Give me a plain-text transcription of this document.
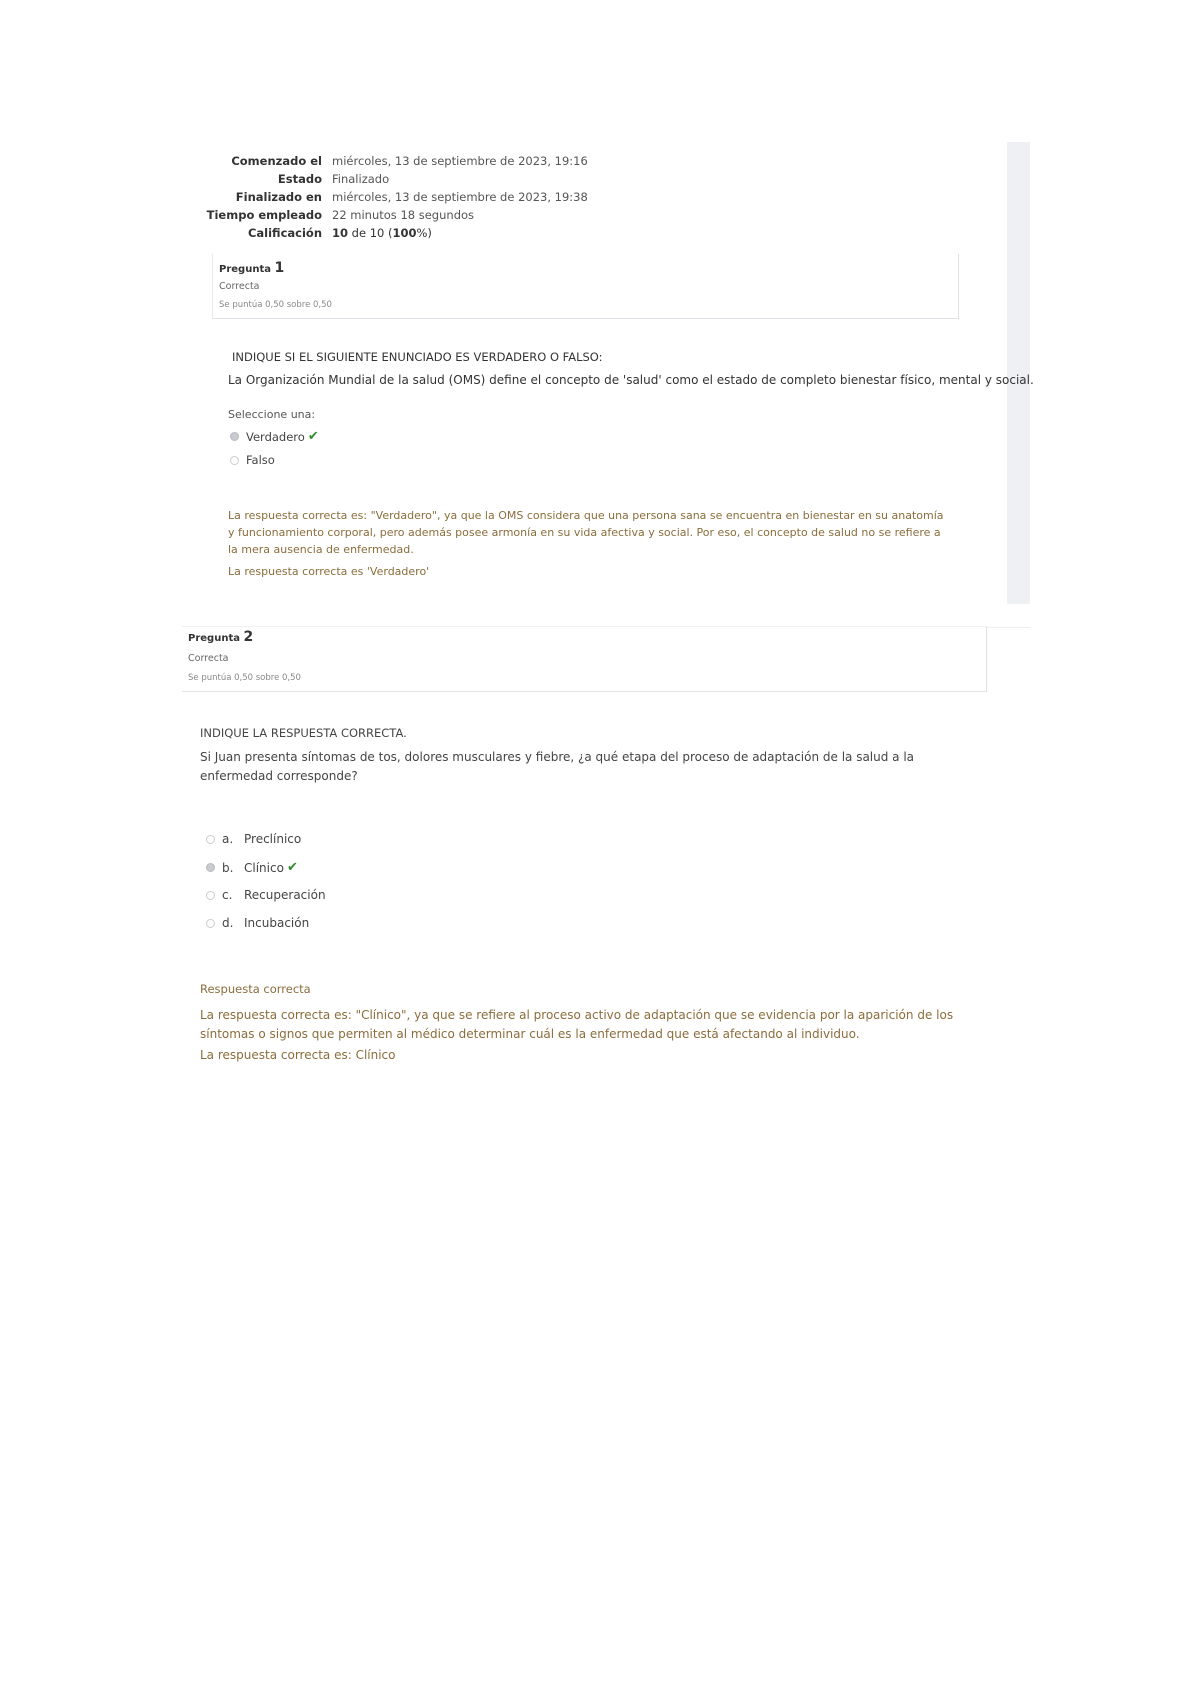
Comenzado el miércoles, 13 de septiembre de 2023, 19:16
Estado Finalizado
Finalizado en miércoles, 13 de septiembre de 2023, 19:38
Tiempo empleado 22 minutos 18 segundos
Calificación 10 de 10 (100%)
Pregunta 1
Correcta
Se puntúa 0,50 sobre 0,50
INDIQUE SI EL SIGUIENTE ENUNCIADO ES VERDADERO O FALSO:
La Organización Mundial de la salud (OMS) define el concepto de 'salud' como el estado de completo bienestar físico, mental y social.
Seleccione una:
Verdadero ✔
Falso
La respuesta correcta es: "Verdadero", ya que la OMS considera que una persona sana se encuentra en bienestar en su anatomía y funcionamiento corporal, pero además posee armonía en su vida afectiva y social. Por eso, el concepto de salud no se refiere a la mera ausencia de enfermedad.
La respuesta correcta es 'Verdadero'
Pregunta 2
Correcta
Se puntúa 0,50 sobre 0,50
INDIQUE LA RESPUESTA CORRECTA.
Si Juan presenta síntomas de tos, dolores musculares y fiebre, ¿a qué etapa del proceso de adaptación de la salud a la enfermedad corresponde?
a. Preclínico
b. Clínico ✔
c. Recuperación
d. Incubación
Respuesta correcta
La respuesta correcta es: "Clínico", ya que se refiere al proceso activo de adaptación que se evidencia por la aparición de los síntomas o signos que permiten al médico determinar cuál es la enfermedad que está afectando al individuo.
La respuesta correcta es: Clínico
